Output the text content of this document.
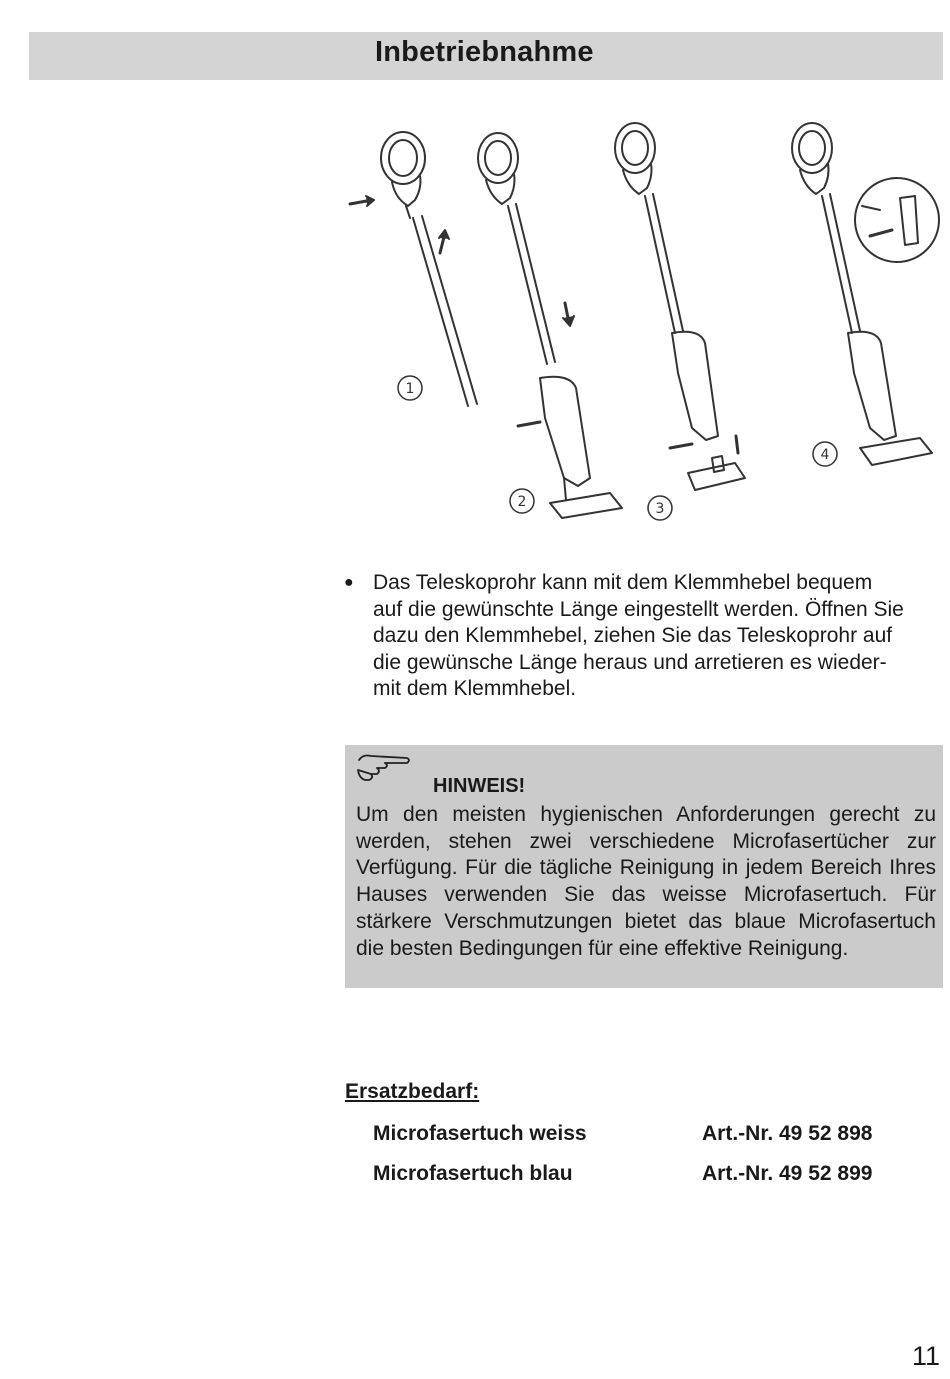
Inbetriebnahme
1
2	3
4
● Das Teleskoprohr kann mit dem Klemmhebel bequem
auf die gewünschte Länge eingestellt werden. Öffnen Sie
dazu den Klemmhebel, ziehen Sie das Teleskoprohr auf
die gewünsche Länge heraus und arretieren es wieder-
mit dem Klemmhebel.
HINWEIS!
Um den meisten hygienischen Anforderungen gerecht zu werden, stehen zwei verschiedene Microfasertücher zur Verfügung. Für die tägliche Reinigung in jedem Bereich Ihres Hauses verwenden Sie das weisse Microfasertuch. Für stärkere Verschmutzungen bietet das blaue Microfasertuch die besten Bedingungen für eine effektive Reinigung.
Ersatzbedarf:
Microfasertuch weiss	Art.-Nr. 49 52 898
Microfasertuch blau	Art.-Nr. 49 52 899
11
